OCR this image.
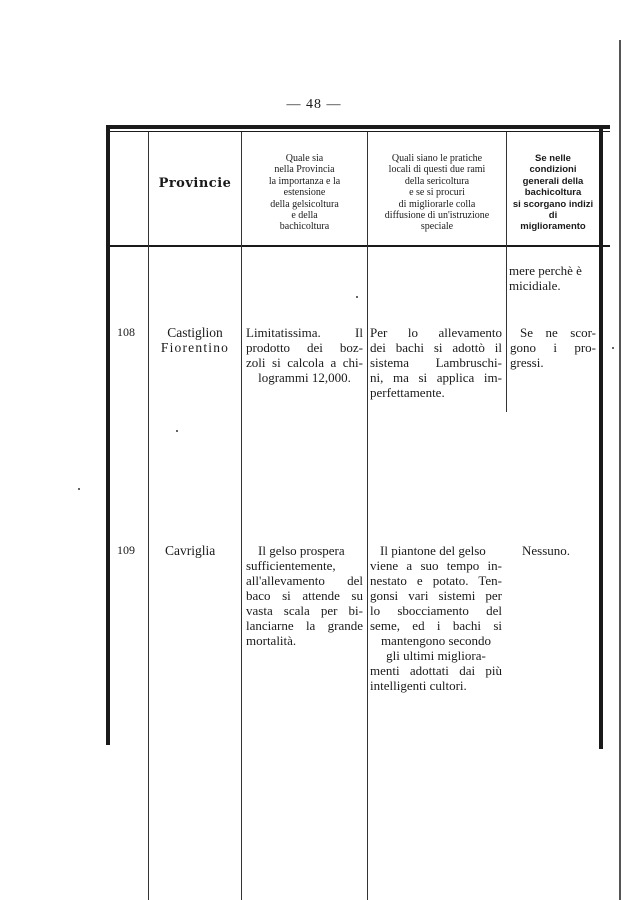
— 48 —
Provincie
Quale sia
nella Provincia
la importanza e la
estensione
della gelsicoltura
e della
bachicoltura
Quali siano le pratiche
locali di questi due rami
della sericoltura
e se si procuri
di migliorarle colla
diffusione di un'istruzione
speciale
Se nelle
condizioni
generali della
bachicoltura
si scorgano indizi
di
miglioramento
mere perchè è
micidiale.
108	Castiglion
Fiorentino
Limitatissima. Il
prodotto dei boz-
zoli si calcola a chi-
logrammi 12,000.
Per lo allevamento
dei bachi si adottò il
sistema Lambruschi-
ni, ma si applica im-
perfettamente.
Se ne scor-
gono i pro-
gressi.
109 Cavriglia	Il gelso prospera
sufficientemente,
all'allevamento del
baco si attende su
vasta scala per bi-
lanciarne la grande
mortalità.
Il piantone del gelso
viene a suo tempo in-
nestato e potato. Ten-
gonsi vari sistemi per
lo sbocciamento del
seme, ed i bachi si
mantengono secondo
gli ultimi migliora-
menti adottati dai più
intelligenti cultori.
Nessuno.
